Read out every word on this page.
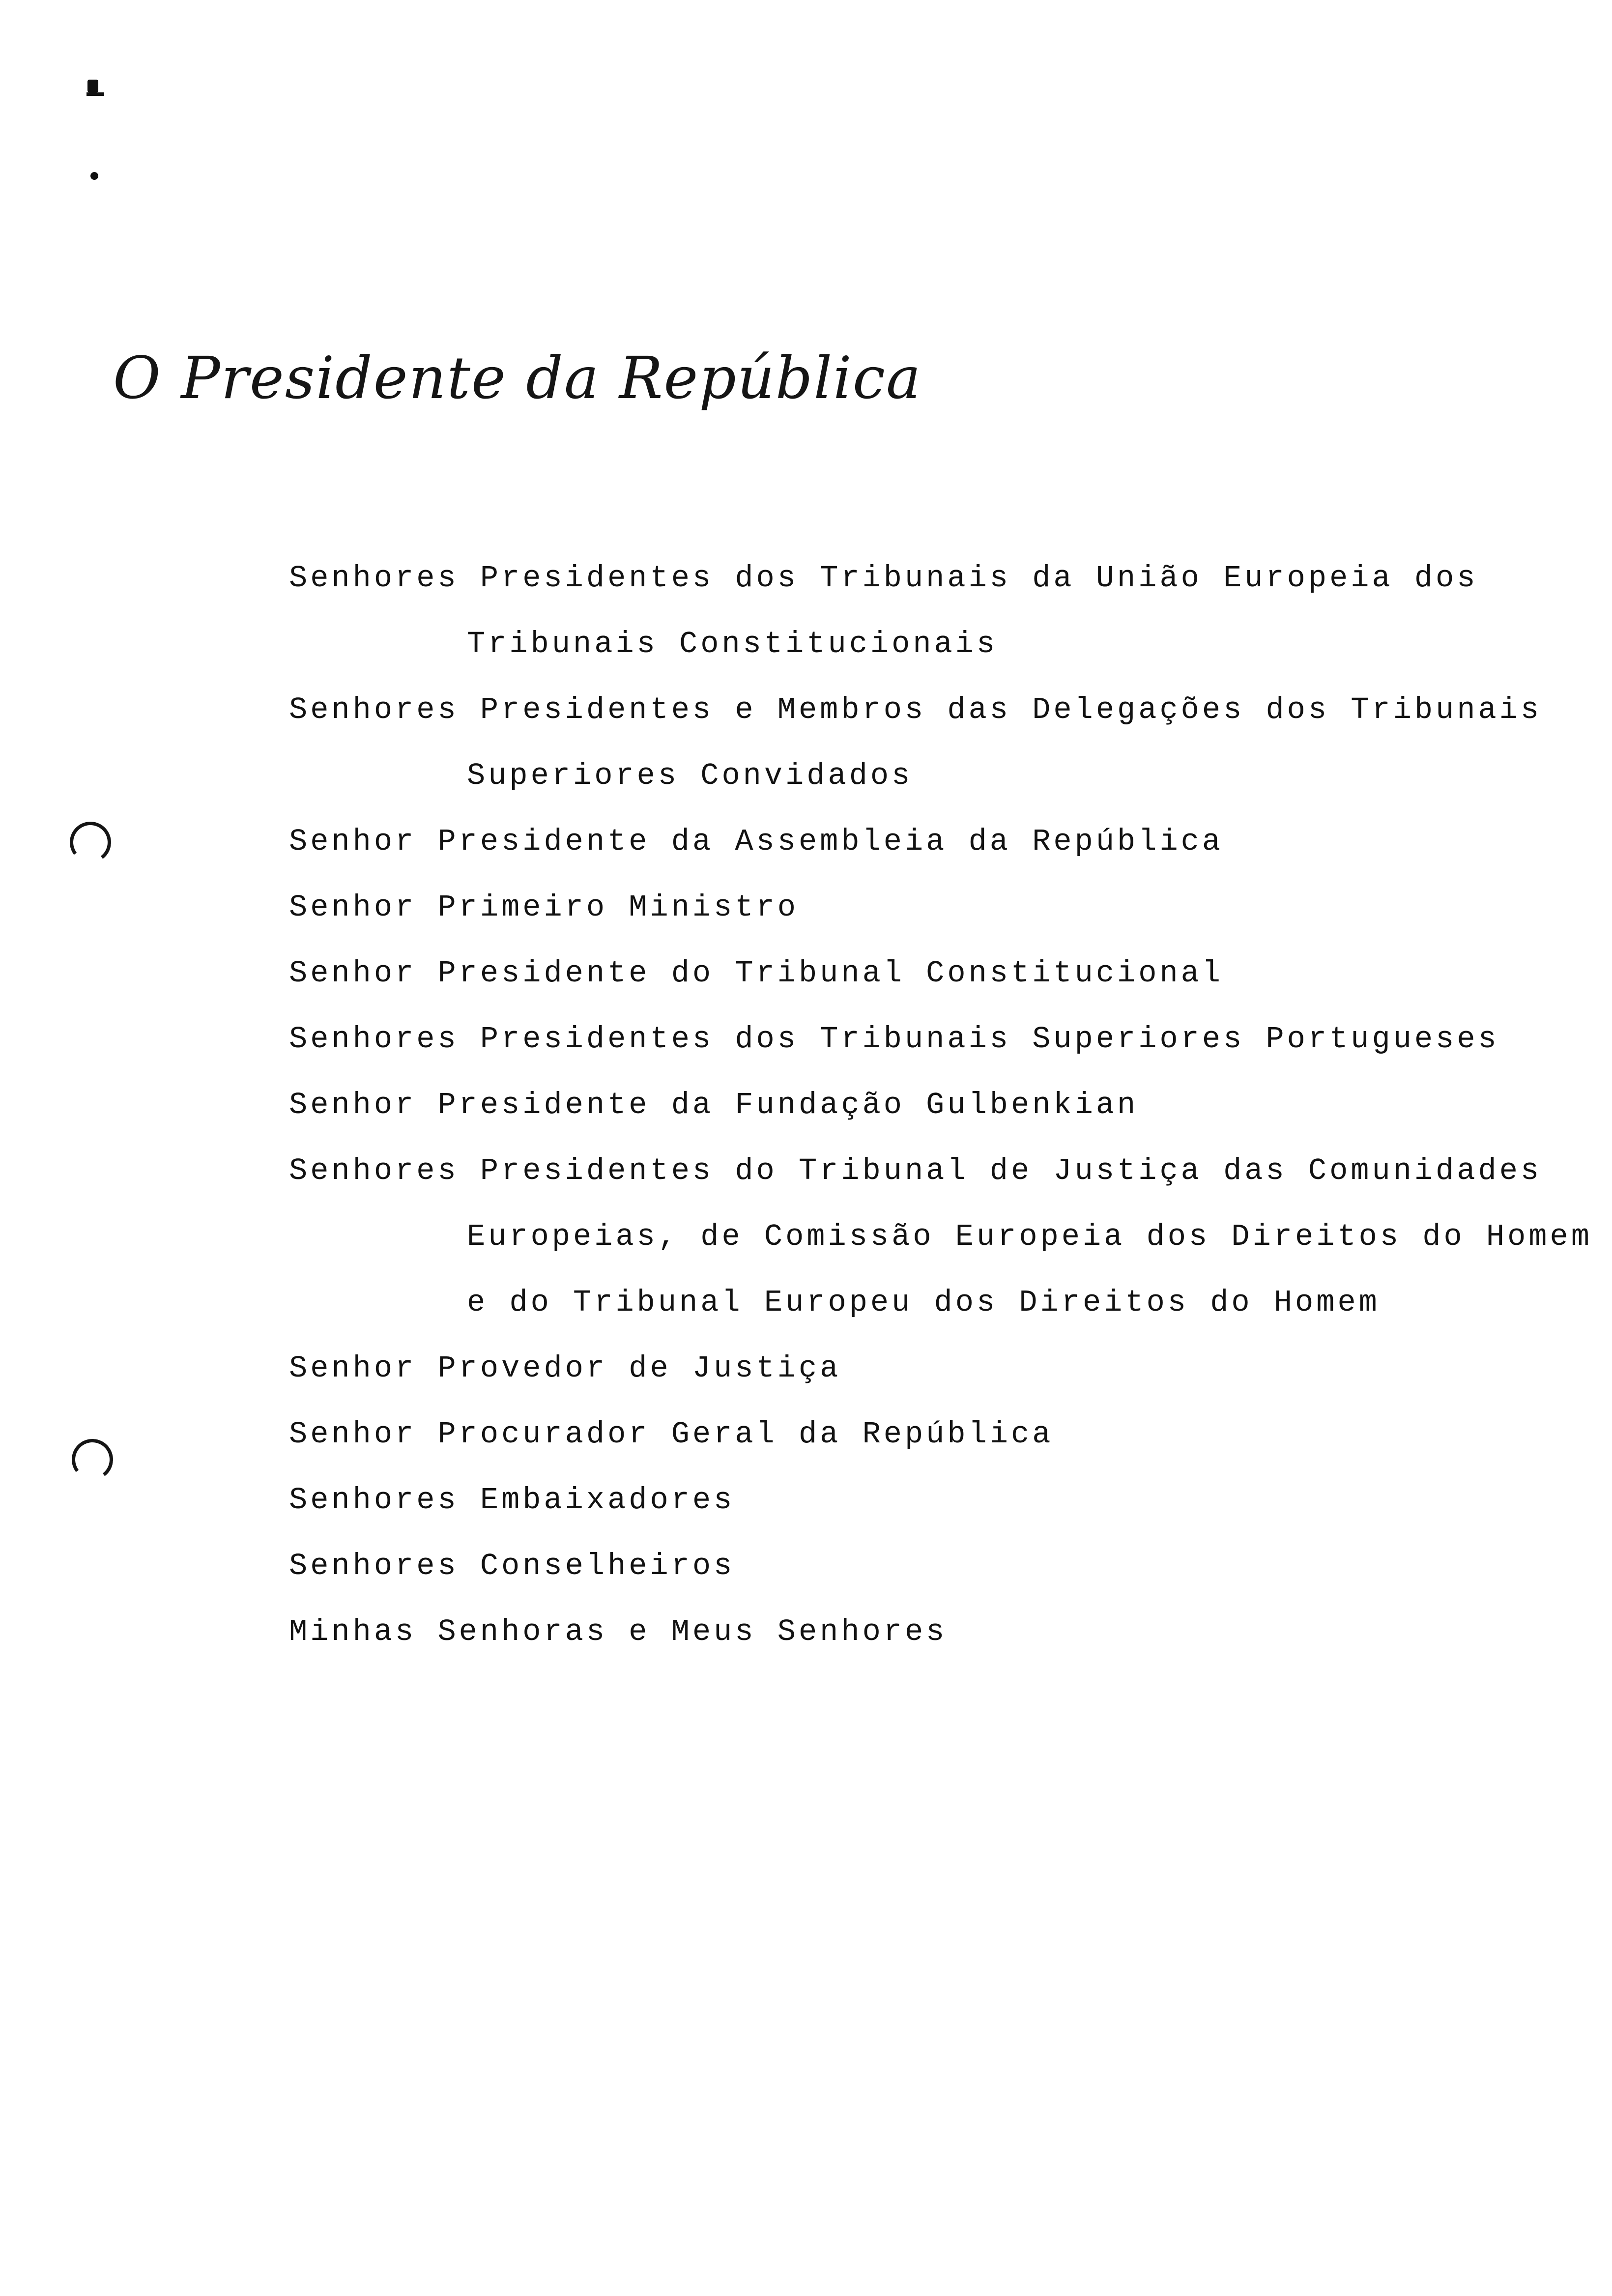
O Presidente da República
Senhores Presidentes dos Tribunais da União Europeia dos
Tribunais Constitucionais
Senhores Presidentes e Membros das Delegações dos Tribunais
Superiores Convidados
Senhor Presidente da Assembleia da República
Senhor Primeiro Ministro
Senhor Presidente do Tribunal Constitucional
Senhores Presidentes dos Tribunais Superiores Portugueses
Senhor Presidente da Fundação Gulbenkian
Senhores Presidentes do Tribunal de Justiça das Comunidades
Europeias, de Comissão Europeia dos Direitos do Homem
e do Tribunal Europeu dos Direitos do Homem
Senhor Provedor de Justiça
Senhor Procurador Geral da República
Senhores Embaixadores
Senhores Conselheiros
Minhas Senhoras e Meus Senhores
